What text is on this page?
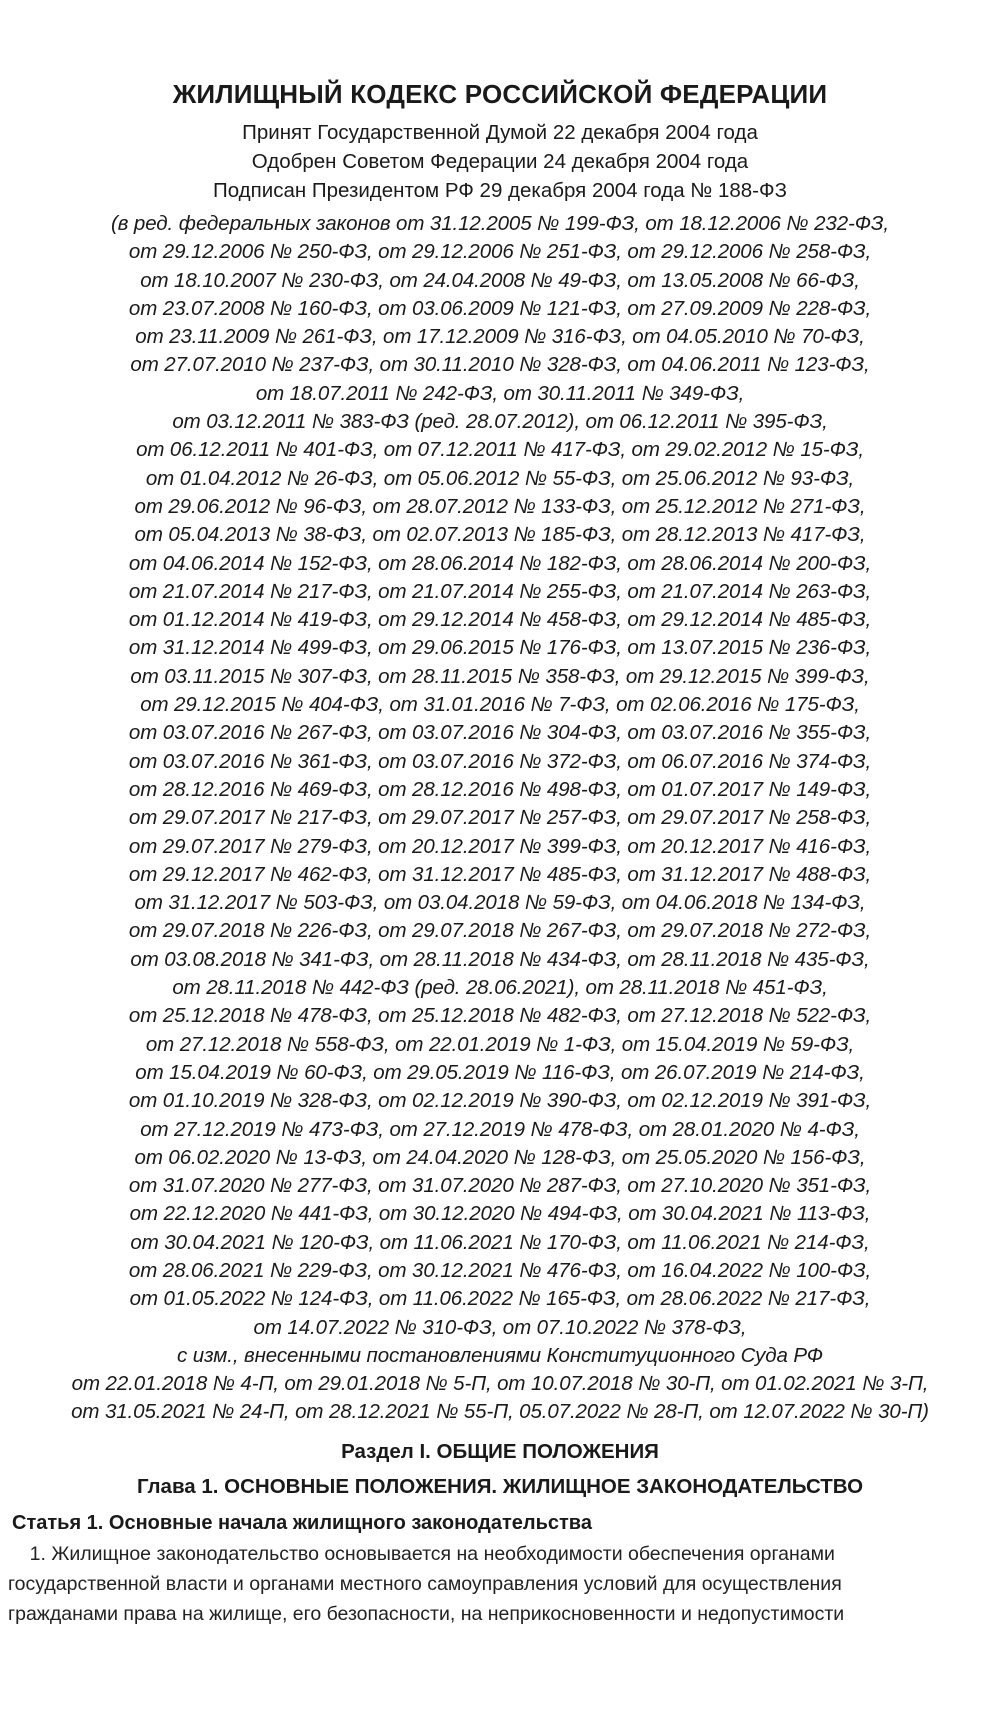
ЖИЛИЩНЫЙ КОДЕКС РОССИЙСКОЙ ФЕДЕРАЦИИ
Принят Государственной Думой 22 декабря 2004 года
Одобрен Советом Федерации 24 декабря 2004 года
Подписан Президентом РФ 29 декабря 2004 года № 188-ФЗ
(в ред. федеральных законов от 31.12.2005 № 199-ФЗ, от 18.12.2006 № 232-ФЗ,
от 29.12.2006 № 250-ФЗ, от 29.12.2006 № 251-ФЗ, от 29.12.2006 № 258-ФЗ,
от 18.10.2007 № 230-ФЗ, от 24.04.2008 № 49-ФЗ, от 13.05.2008 № 66-ФЗ,
от 23.07.2008 № 160-ФЗ, от 03.06.2009 № 121-ФЗ, от 27.09.2009 № 228-ФЗ,
от 23.11.2009 № 261-ФЗ, от 17.12.2009 № 316-ФЗ, от 04.05.2010 № 70-ФЗ,
от 27.07.2010 № 237-ФЗ, от 30.11.2010 № 328-ФЗ, от 04.06.2011 № 123-ФЗ,
от 18.07.2011 № 242-ФЗ, от 30.11.2011 № 349-ФЗ,
от 03.12.2011 № 383-ФЗ (ред. 28.07.2012), от 06.12.2011 № 395-ФЗ,
от 06.12.2011 № 401-ФЗ, от 07.12.2011 № 417-ФЗ, от 29.02.2012 № 15-ФЗ,
от 01.04.2012 № 26-ФЗ, от 05.06.2012 № 55-ФЗ, от 25.06.2012 № 93-ФЗ,
от 29.06.2012 № 96-ФЗ, от 28.07.2012 № 133-ФЗ, от 25.12.2012 № 271-ФЗ,
от 05.04.2013 № 38-ФЗ, от 02.07.2013 № 185-ФЗ, от 28.12.2013 № 417-ФЗ,
от 04.06.2014 № 152-ФЗ, от 28.06.2014 № 182-ФЗ, от 28.06.2014 № 200-ФЗ,
от 21.07.2014 № 217-ФЗ, от 21.07.2014 № 255-ФЗ, от 21.07.2014 № 263-ФЗ,
от 01.12.2014 № 419-ФЗ, от 29.12.2014 № 458-ФЗ, от 29.12.2014 № 485-ФЗ,
от 31.12.2014 № 499-ФЗ, от 29.06.2015 № 176-ФЗ, от 13.07.2015 № 236-ФЗ,
от 03.11.2015 № 307-ФЗ, от 28.11.2015 № 358-ФЗ, от 29.12.2015 № 399-ФЗ,
от 29.12.2015 № 404-ФЗ, от 31.01.2016 № 7-ФЗ, от 02.06.2016 № 175-ФЗ,
от 03.07.2016 № 267-ФЗ, от 03.07.2016 № 304-ФЗ, от 03.07.2016 № 355-ФЗ,
от 03.07.2016 № 361-ФЗ, от 03.07.2016 № 372-ФЗ, от 06.07.2016 № 374-ФЗ,
от 28.12.2016 № 469-ФЗ, от 28.12.2016 № 498-ФЗ, от 01.07.2017 № 149-ФЗ,
от 29.07.2017 № 217-ФЗ, от 29.07.2017 № 257-ФЗ, от 29.07.2017 № 258-ФЗ,
от 29.07.2017 № 279-ФЗ, от 20.12.2017 № 399-ФЗ, от 20.12.2017 № 416-ФЗ,
от 29.12.2017 № 462-ФЗ, от 31.12.2017 № 485-ФЗ, от 31.12.2017 № 488-ФЗ,
от 31.12.2017 № 503-ФЗ, от 03.04.2018 № 59-ФЗ, от 04.06.2018 № 134-ФЗ,
от 29.07.2018 № 226-ФЗ, от 29.07.2018 № 267-ФЗ, от 29.07.2018 № 272-ФЗ,
от 03.08.2018 № 341-ФЗ, от 28.11.2018 № 434-ФЗ, от 28.11.2018 № 435-ФЗ,
от 28.11.2018 № 442-ФЗ (ред. 28.06.2021), от 28.11.2018 № 451-ФЗ,
от 25.12.2018 № 478-ФЗ, от 25.12.2018 № 482-ФЗ, от 27.12.2018 № 522-ФЗ,
от 27.12.2018 № 558-ФЗ, от 22.01.2019 № 1-ФЗ, от 15.04.2019 № 59-ФЗ,
от 15.04.2019 № 60-ФЗ, от 29.05.2019 № 116-ФЗ, от 26.07.2019 № 214-ФЗ,
от 01.10.2019 № 328-ФЗ, от 02.12.2019 № 390-ФЗ, от 02.12.2019 № 391-ФЗ,
от 27.12.2019 № 473-ФЗ, от 27.12.2019 № 478-ФЗ, от 28.01.2020 № 4-ФЗ,
от 06.02.2020 № 13-ФЗ, от 24.04.2020 № 128-ФЗ, от 25.05.2020 № 156-ФЗ,
от 31.07.2020 № 277-ФЗ, от 31.07.2020 № 287-ФЗ, от 27.10.2020 № 351-ФЗ,
от 22.12.2020 № 441-ФЗ, от 30.12.2020 № 494-ФЗ, от 30.04.2021 № 113-ФЗ,
от 30.04.2021 № 120-ФЗ, от 11.06.2021 № 170-ФЗ, от 11.06.2021 № 214-ФЗ,
от 28.06.2021 № 229-ФЗ, от 30.12.2021 № 476-ФЗ, от 16.04.2022 № 100-ФЗ,
от 01.05.2022 № 124-ФЗ, от 11.06.2022 № 165-ФЗ, от 28.06.2022 № 217-ФЗ,
от 14.07.2022 № 310-ФЗ, от 07.10.2022 № 378-ФЗ,
с изм., внесенными постановлениями Конституционного Суда РФ
от 22.01.2018 № 4-П, от 29.01.2018 № 5-П, от 10.07.2018 № 30-П, от 01.02.2021 № 3-П,
от 31.05.2021 № 24-П, от 28.12.2021 № 55-П, 05.07.2022 № 28-П, от 12.07.2022 № 30-П)
Раздел I. ОБЩИЕ ПОЛОЖЕНИЯ
Глава 1. ОСНОВНЫЕ ПОЛОЖЕНИЯ. ЖИЛИЩНОЕ ЗАКОНОДАТЕЛЬСТВО
Статья 1. Основные начала жилищного законодательства
1. Жилищное законодательство основывается на необходимости обеспечения органами
государственной власти и органами местного самоуправления условий для осуществления
гражданами права на жилище, его безопасности, на неприкосновенности и недопустимости
